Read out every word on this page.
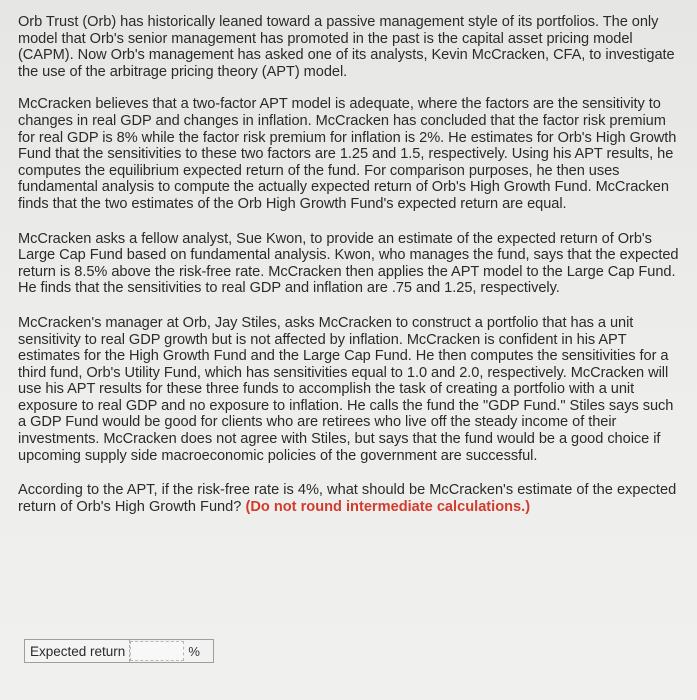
Orb Trust (Orb) has historically leaned toward a passive management style of its portfolios. The only model that Orb's senior management has promoted in the past is the capital asset pricing model (CAPM). Now Orb's management has asked one of its analysts, Kevin McCracken, CFA, to investigate the use of the arbitrage pricing theory (APT) model.

McCracken believes that a two-factor APT model is adequate, where the factors are the sensitivity to changes in real GDP and changes in inflation. McCracken has concluded that the factor risk premium for real GDP is 8% while the factor risk premium for inflation is 2%. He estimates for Orb's High Growth Fund that the sensitivities to these two factors are 1.25 and 1.5, respectively. Using his APT results, he computes the equilibrium expected return of the fund. For comparison purposes, he then uses fundamental analysis to compute the actually expected return of Orb's High Growth Fund. McCracken finds that the two estimates of the Orb High Growth Fund's expected return are equal.

McCracken asks a fellow analyst, Sue Kwon, to provide an estimate of the expected return of Orb's Large Cap Fund based on fundamental analysis. Kwon, who manages the fund, says that the expected return is 8.5% above the risk-free rate. McCracken then applies the APT model to the Large Cap Fund. He finds that the sensitivities to real GDP and inflation are .75 and 1.25, respectively.

McCracken's manager at Orb, Jay Stiles, asks McCracken to construct a portfolio that has a unit sensitivity to real GDP growth but is not affected by inflation. McCracken is confident in his APT estimates for the High Growth Fund and the Large Cap Fund. He then computes the sensitivities for a third fund, Orb's Utility Fund, which has sensitivities equal to 1.0 and 2.0, respectively. McCracken will use his APT results for these three funds to accomplish the task of creating a portfolio with a unit exposure to real GDP and no exposure to inflation. He calls the fund the "GDP Fund." Stiles says such a GDP Fund would be good for clients who are retirees who live off the steady income of their investments. McCracken does not agree with Stiles, but says that the fund would be a good choice if upcoming supply side macroeconomic policies of the government are successful.

According to the APT, if the risk-free rate is 4%, what should be McCracken's estimate of the expected return of Orb's High Growth Fund? (Do not round intermediate calculations.)

Expected return	%
